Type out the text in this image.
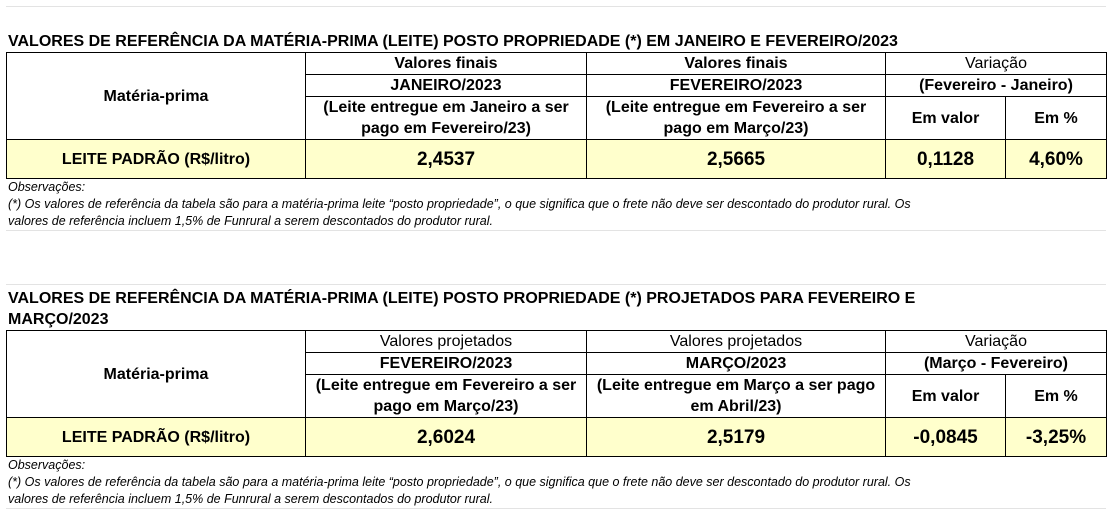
VALORES DE REFERÊNCIA DA MATÉRIA-PRIMA (LEITE) POSTO PROPRIEDADE (*) EM JANEIRO E FEVEREIRO/2023

Matéria-prima	Valores finais	Valores finais	Variação	
	JANEIRO/2023	FEVEREIRO/2023	(Fevereiro - Janeiro)	
	(Leite entregue em Janeiro a ser pago em Fevereiro/23)	(Leite entregue em Fevereiro a ser pago em Março/23)	Em valor	Em %
LEITE PADRÃO (R$/litro)	2,4537	2,5665	0,1128	4,60%

Observações:

(*) Os valores de referência da tabela são para a matéria-prima leite “posto propriedade”, o que significa que o frete não deve ser descontado do produtor rural. Os

valores de referência incluem 1,5% de Funrural a serem descontados do produtor rural.

VALORES DE REFERÊNCIA DA MATÉRIA-PRIMA (LEITE) POSTO PROPRIEDADE (*) PROJETADOS PARA FEVEREIRO E

MARÇO/2023

Matéria-prima	Valores projetados	Valores projetados	Variação	
	FEVEREIRO/2023	MARÇO/2023	(Março - Fevereiro)	
	(Leite entregue em Fevereiro a ser pago em Março/23)	(Leite entregue em Março a ser pago em Abril/23)	Em valor	Em %
LEITE PADRÃO (R$/litro)	2,6024	2,5179	-0,0845	-3,25%

Observações:

(*) Os valores de referência da tabela são para a matéria-prima leite “posto propriedade”, o que significa que o frete não deve ser descontado do produtor rural. Os

valores de referência incluem 1,5% de Funrural a serem descontados do produtor rural.
